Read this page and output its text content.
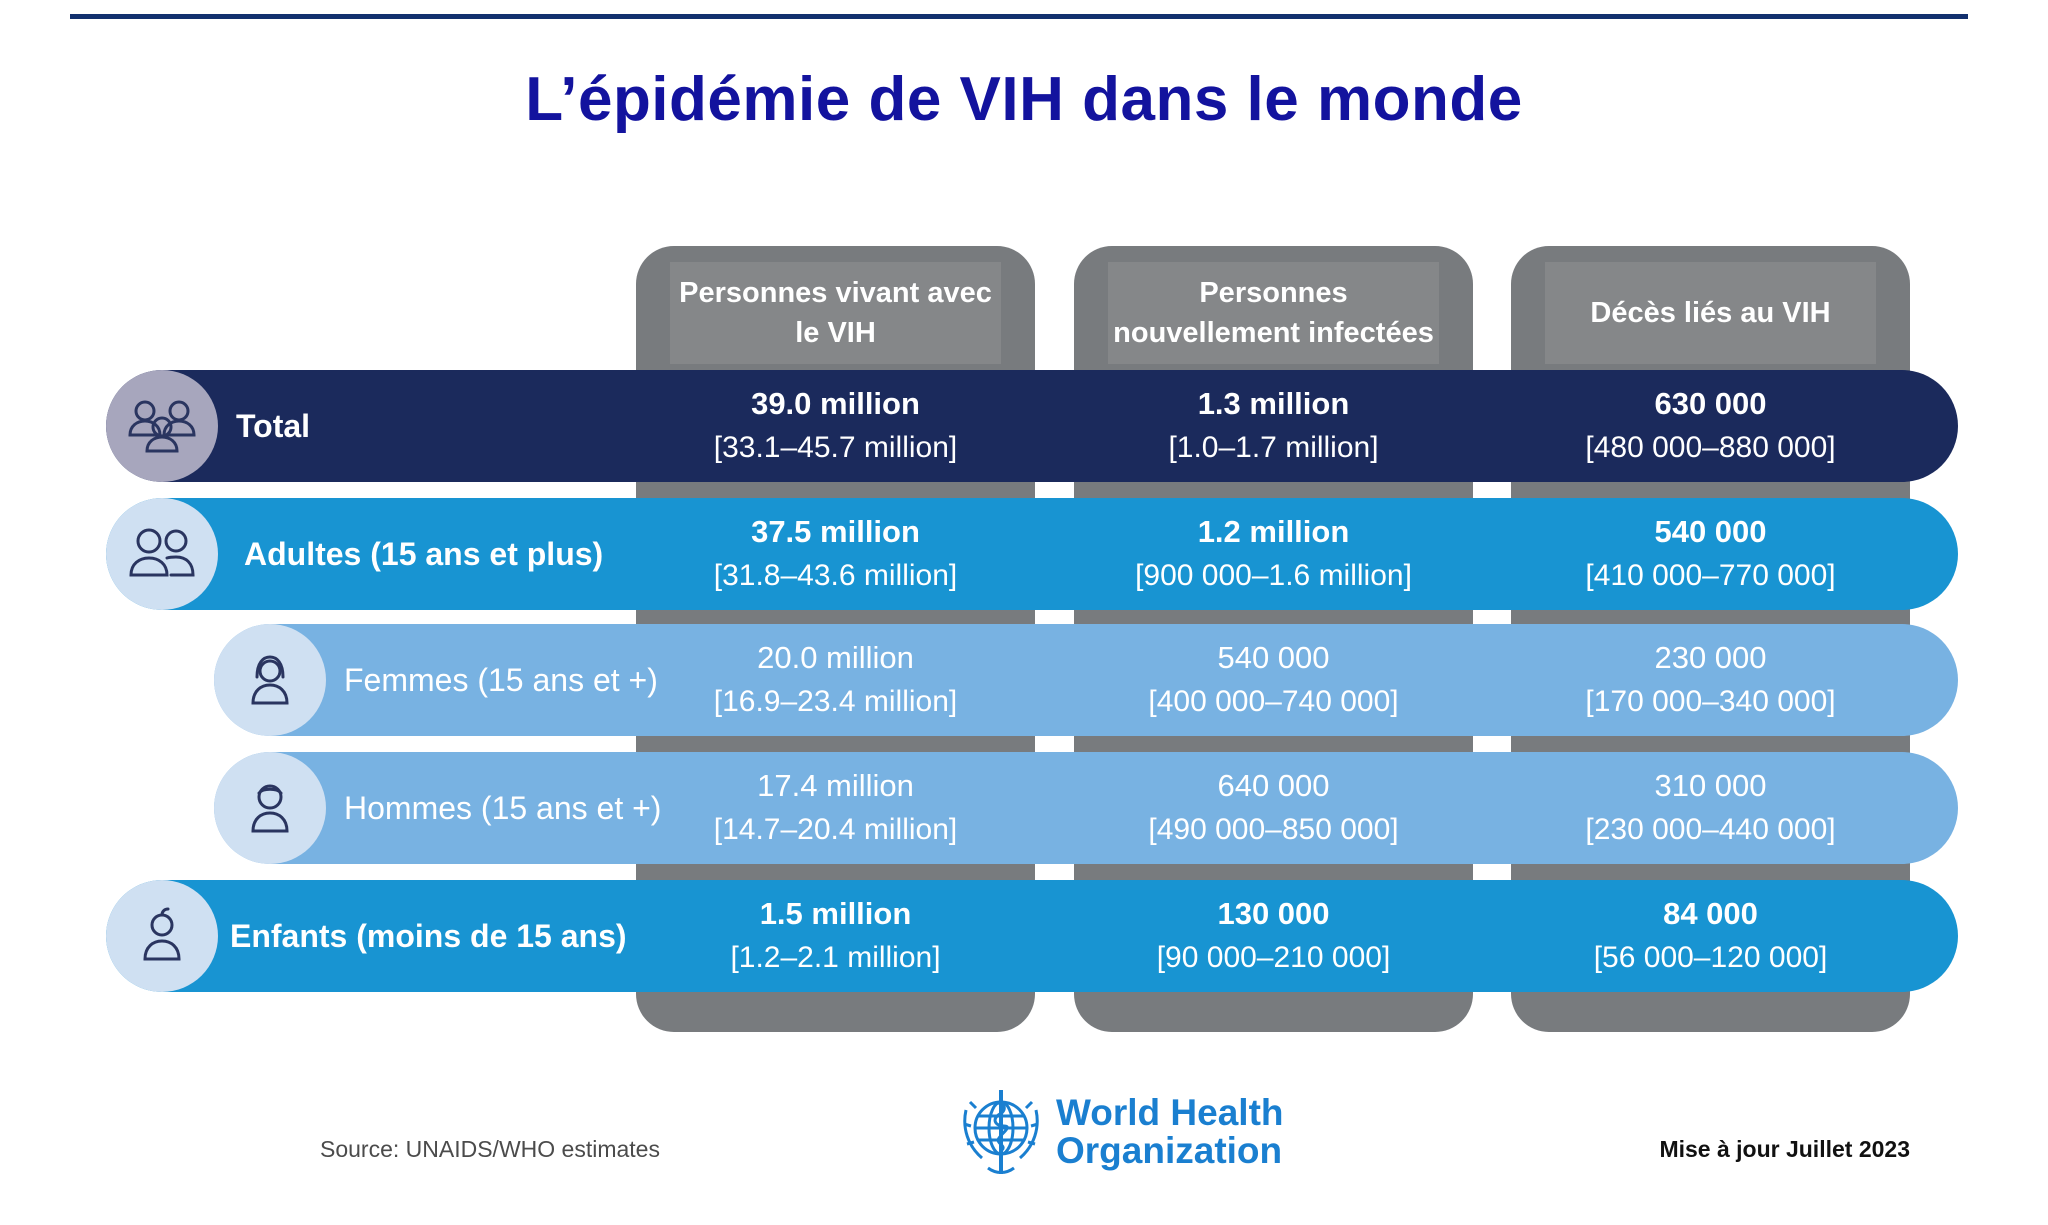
L’épidémie de VIH dans le monde
Personnes vivant avec le VIH
Personnes nouvellement infectées
Décès liés au VIH
Total
39.0 million
[33.1–45.7 million]
1.3 million
[1.0–1.7 million]
630 000
[480 000–880 000]
Adultes (15 ans et plus)
37.5 million
[31.8–43.6 million]
1.2 million
[900 000–1.6 million]
540 000
[410 000–770 000]
Femmes (15 ans et +)
20.0 million
[16.9–23.4 million]
540 000
[400 000–740 000]
230 000
[170 000–340 000]
Hommes (15 ans et +)
17.4 million
[14.7–20.4 million]
640 000
[490 000–850 000]
310 000
[230 000–440 000]
Enfants (moins de 15 ans)
1.5 million
[1.2–2.1 million]
130 000
[90 000–210 000]
84 000
[56 000–120 000]
Source: UNAIDS/WHO estimates
World Health
Organization	Mise à jour Juillet 2023
